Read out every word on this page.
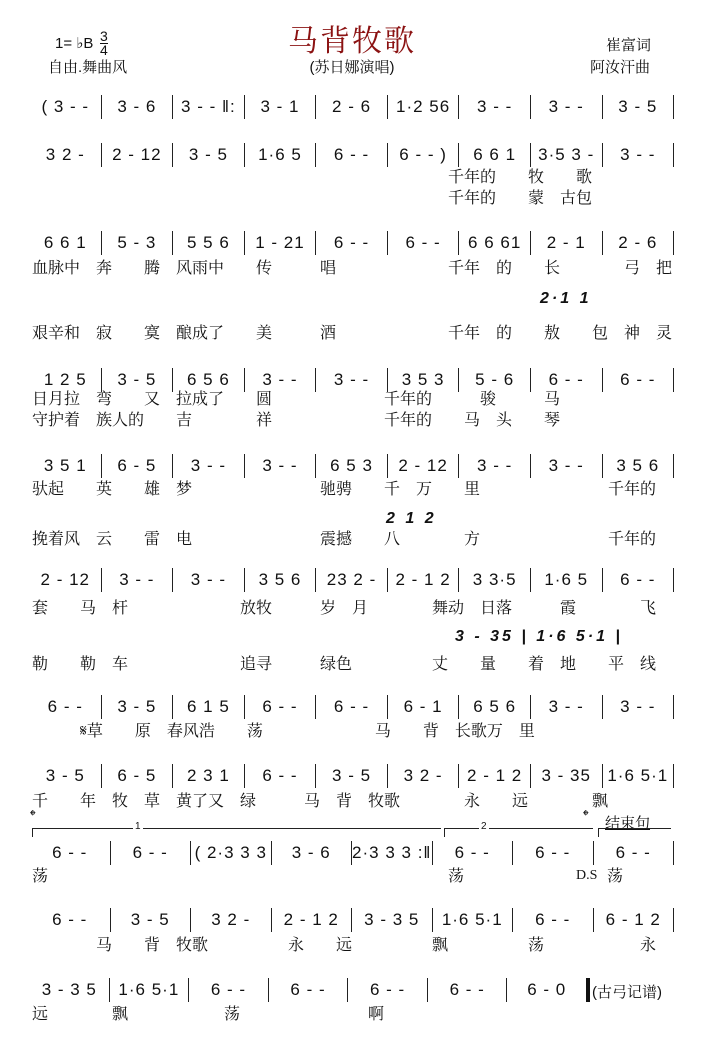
1= ♭B $\frac{3}{4}$
自由.舞曲风
马背牧歌
(苏日娜演唱)
崔富词
阿汝汗曲
( 3 - -	3 - 6	3 - - ‖:	3 - 1	2 - 6	1·2 56	3 - -	3 - -	3 - 5
3 2 -	2 - 12	3 - 5	1·6 5	6 - -	6 - - )	6 6 1	3·5 3 -	3 - -
6 6 1	5 - 3	5 5 6	1 - 21	6 - -	6 - -	6 6 61	2 - 1	2 - 6
1 2 5	3 - 5	6 5 6	3 - -	3 - -	3 5 3	5 - 6	6 - -	6 - -
3 5 1	6 - 5	3 - -	3 - -	6 5 3	2 - 12	3 - -	3 - -	3 5 6
2 - 12	3 - -	3 - -	3 5 6	23 2 -	2 - 1 2	3 3·5	1·6 5	6 - -
6 - -	3 - 5	6 1 5	6 - -	6 - -	6 - 1	6 5 6	3 - -	3 - -
3 - 5	6 - 5	2 3 1	6 - -	3 - 5	3 2 -	2 - 1 2	3 - 35 1·6 5·1
6 - -	6 - -	( 2·3 3 3	3 - 6	2·3 3 3 :‖	6 - -	6 - -	6 - -
6 - -	3 - 5	3 2 -	2 - 1 2	3 - 3 5	1·6 5·1	6 - -	6 - 1 2
3 - 3 5	1·6 5·1	6 - -	6 - -	6 - -	6 - -	6 - 0
　　　　　　　　　　　　　　　　　　　　　　　　　　千年的　　牧　　歌
　　　　　　　　　　　　　　　　　　　　　　　　　　千年的　　蒙　古包
血脉中　奔　　腾　风雨中　　传　　　唱　　　　　　　千年　的　　长　　　　弓　把
艰辛和　寂　　寞　酿成了　　美　　　酒　　　　　　　千年　的　　敖　　包　神　灵
日月拉　弯　　又　拉成了　　圆　　　　　　　千年的　　　骏　　　马
守护着　族人的　　吉　　　　祥　　　　　　　千年的　　马　头　　琴
驮起　　英　　雄　梦　　　　　　　　驰骋　　千　万　　里　　　　　　　　千年的
挽着风　云　　雷　电　　　　　　　　震撼　　八　　　　方　　　　　　　　千年的
套　　马　杆　　　　　　　放牧　　　岁　月　　　　舞动　日落　　　霞　　　　飞
勒　　勒　车　　　　　　　追寻　　　绿色　　　　　丈　　量　　着　地　　平　线
　　　𝄋草　　原　春风浩　　荡　　　　　　　马　　背　长歌万　里
千　　年　牧　草　黄了又　绿　　　马　背　牧歌　　　　永　　远　　　　飘
荡　　　　　　　　　　　　　　　　　　　　　　　　　荡
　　　　马　　背　牧歌　　　　　永　　远　　　　　飘　　　　　荡　　　　　　永
远　　　　飘　　　　　　荡　　　　　　　　啊
2·1 1
2 1 2
3 - 35 | 1·6 5·1 |
𝄌	𝄌 结束句
1	2
D.S 荡
(古弓记谱)
